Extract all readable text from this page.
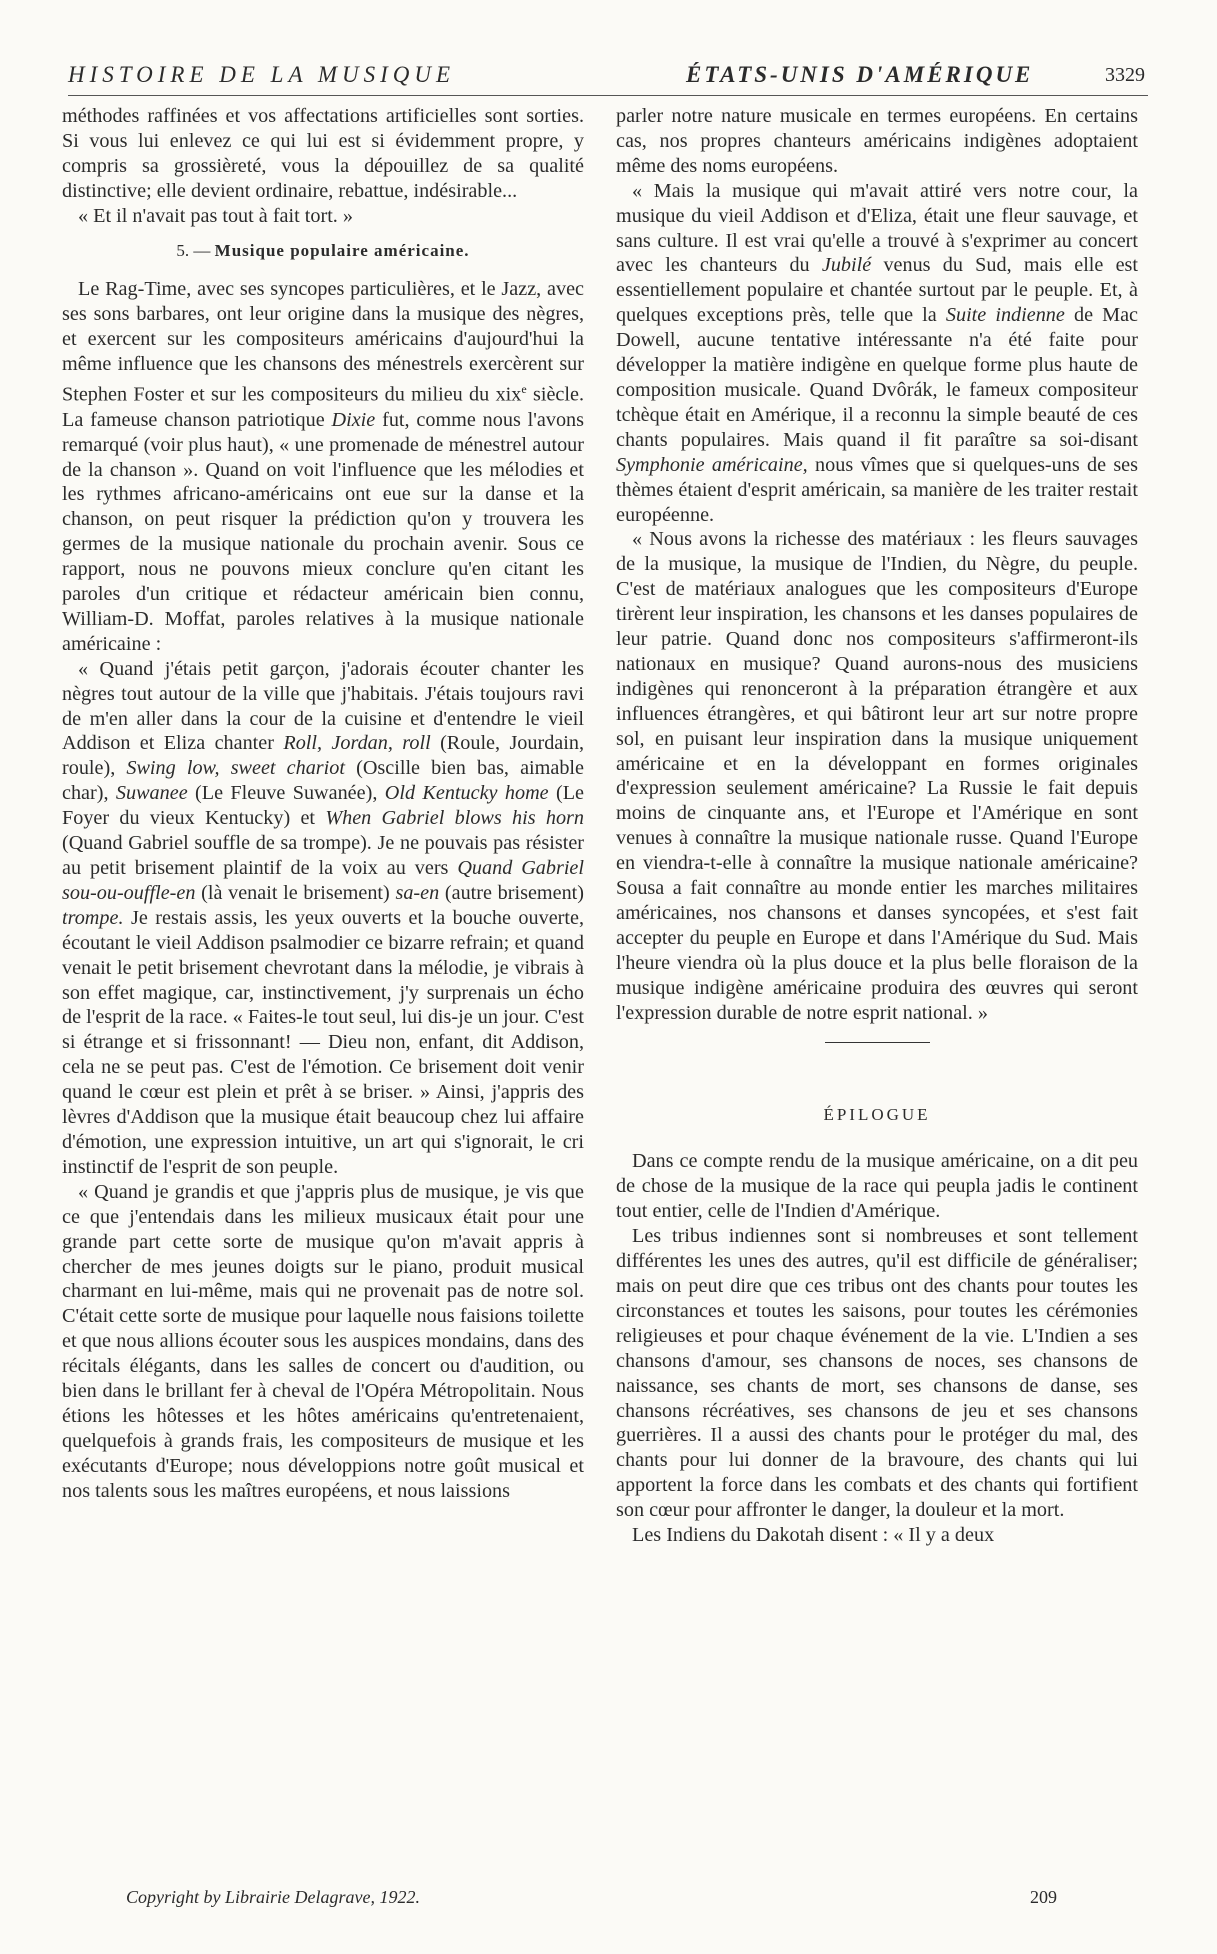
HISTOIRE DE LA MUSIQUE	ÉTATS-UNIS D'AMÉRIQUE	3329

méthodes raffinées et vos affectations artificielles sont sorties. Si vous lui enlevez ce qui lui est si évidemment propre, y compris sa grossièreté, vous la dépouillez de sa qualité distinctive; elle devient ordinaire, rebattue, indésirable...

« Et il n'avait pas tout à fait tort. »

5. — Musique populaire américaine.

Le Rag-Time, avec ses syncopes particulières, et le Jazz, avec ses sons barbares, ont leur origine dans la musique des nègres, et exercent sur les compositeurs américains d'aujourd'hui la même influence que les chansons des ménestrels exercèrent sur Stephen Foster et sur les compositeurs du milieu du xix$^e$ siècle. La fameuse chanson patriotique Dixie fut, comme nous l'avons remarqué (voir plus haut), « une promenade de ménestrel autour de la chanson ». Quand on voit l'influence que les mélodies et les rythmes africano-américains ont eue sur la danse et la chanson, on peut risquer la prédiction qu'on y trouvera les germes de la musique nationale du prochain avenir. Sous ce rapport, nous ne pouvons mieux conclure qu'en citant les paroles d'un critique et rédacteur américain bien connu, William-D. Moffat, paroles relatives à la musique nationale américaine :

« Quand j'étais petit garçon, j'adorais écouter chanter les nègres tout autour de la ville que j'habitais. J'étais toujours ravi de m'en aller dans la cour de la cuisine et d'entendre le vieil Addison et Eliza chanter Roll, Jordan, roll (Roule, Jourdain, roule), Swing low, sweet chariot (Oscille bien bas, aimable char), Suwanee (Le Fleuve Suwanée), Old Kentucky home (Le Foyer du vieux Kentucky) et When Gabriel blows his horn (Quand Gabriel souffle de sa trompe). Je ne pouvais pas résister au petit brisement plaintif de la voix au vers Quand Gabriel sou-ou-ouffle-en (là venait le brisement) sa-en (autre brisement) trompe. Je restais assis, les yeux ouverts et la bouche ouverte, écoutant le vieil Addison psalmodier ce bizarre refrain; et quand venait le petit brisement chevrotant dans la mélodie, je vibrais à son effet magique, car, instinctivement, j'y surprenais un écho de l'esprit de la race. « Faites-le tout seul, lui dis-je un jour. C'est si étrange et si frissonnant! — Dieu non, enfant, dit Addison, cela ne se peut pas. C'est de l'émotion. Ce brisement doit venir quand le cœur est plein et prêt à se briser. » Ainsi, j'appris des lèvres d'Addison que la musique était beaucoup chez lui affaire d'émotion, une expression intuitive, un art qui s'ignorait, le cri instinctif de l'esprit de son peuple.

« Quand je grandis et que j'appris plus de musique, je vis que ce que j'entendais dans les milieux musicaux était pour une grande part cette sorte de musique qu'on m'avait appris à chercher de mes jeunes doigts sur le piano, produit musical charmant en lui-même, mais qui ne provenait pas de notre sol. C'était cette sorte de musique pour laquelle nous faisions toilette et que nous allions écouter sous les auspices mondains, dans des récitals élégants, dans les salles de concert ou d'audition, ou bien dans le brillant fer à cheval de l'Opéra Métropolitain. Nous étions les hôtesses et les hôtes américains qu'entretenaient, quelquefois à grands frais, les compositeurs de musique et les exécutants d'Europe; nous développions notre goût musical et nos talents sous les maîtres européens, et nous laissions

parler notre nature musicale en termes européens. En certains cas, nos propres chanteurs américains indigènes adoptaient même des noms européens.

« Mais la musique qui m'avait attiré vers notre cour, la musique du vieil Addison et d'Eliza, était une fleur sauvage, et sans culture. Il est vrai qu'elle a trouvé à s'exprimer au concert avec les chanteurs du Jubilé venus du Sud, mais elle est essentiellement populaire et chantée surtout par le peuple. Et, à quelques exceptions près, telle que la Suite indienne de Mac Dowell, aucune tentative intéressante n'a été faite pour développer la matière indigène en quelque forme plus haute de composition musicale. Quand Dvôrák, le fameux compositeur tchèque était en Amérique, il a reconnu la simple beauté de ces chants populaires. Mais quand il fit paraître sa soi-disant Symphonie américaine, nous vîmes que si quelques-uns de ses thèmes étaient d'esprit américain, sa manière de les traiter restait européenne.

« Nous avons la richesse des matériaux : les fleurs sauvages de la musique, la musique de l'Indien, du Nègre, du peuple. C'est de matériaux analogues que les compositeurs d'Europe tirèrent leur inspiration, les chansons et les danses populaires de leur patrie. Quand donc nos compositeurs s'affirmeront-ils nationaux en musique? Quand aurons-nous des musiciens indigènes qui renonceront à la préparation étrangère et aux influences étrangères, et qui bâtiront leur art sur notre propre sol, en puisant leur inspiration dans la musique uniquement américaine et en la développant en formes originales d'expression seulement américaine? La Russie le fait depuis moins de cinquante ans, et l'Europe et l'Amérique en sont venues à connaître la musique nationale russe. Quand l'Europe en viendra-t-elle à connaître la musique nationale américaine? Sousa a fait connaître au monde entier les marches militaires américaines, nos chansons et danses syncopées, et s'est fait accepter du peuple en Europe et dans l'Amérique du Sud. Mais l'heure viendra où la plus douce et la plus belle floraison de la musique indigène américaine produira des œuvres qui seront l'expression durable de notre esprit national. »

ÉPILOGUE

Dans ce compte rendu de la musique américaine, on a dit peu de chose de la musique de la race qui peupla jadis le continent tout entier, celle de l'Indien d'Amérique.

Les tribus indiennes sont si nombreuses et sont tellement différentes les unes des autres, qu'il est difficile de généraliser; mais on peut dire que ces tribus ont des chants pour toutes les circonstances et toutes les saisons, pour toutes les cérémonies religieuses et pour chaque événement de la vie. L'Indien a ses chansons d'amour, ses chansons de noces, ses chansons de naissance, ses chants de mort, ses chansons de danse, ses chansons récréatives, ses chansons de jeu et ses chansons guerrières. Il a aussi des chants pour le protéger du mal, des chants pour lui donner de la bravoure, des chants qui lui apportent la force dans les combats et des chants qui fortifient son cœur pour affronter le danger, la douleur et la mort.

Les Indiens du Dakotah disent : « Il y a deux

Copyright by Librairie Delagrave, 1922.	209
